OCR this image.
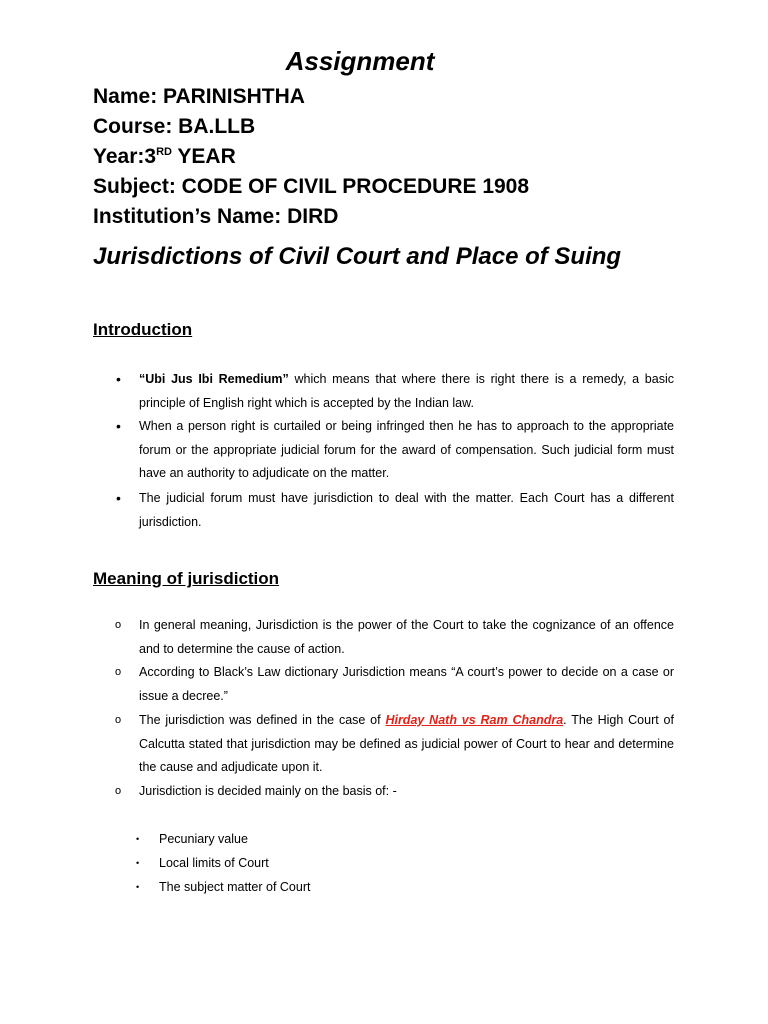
Assignment
Name: PARINISHTHA
Course: BA.LLB
Year:3RD YEAR
Subject: CODE OF CIVIL PROCEDURE 1908
Institution’s Name: DIRD
Jurisdictions of Civil Court and Place of Suing
Introduction
• “Ubi Jus Ibi Remedium” which means that where there is right there is a remedy, a basic principle of English right which is accepted by the Indian law.

• When a person right is curtailed or being infringed then he has to approach to the appropriate forum or the appropriate judicial forum for the award of compensation. Such judicial form must have an authority to adjudicate on the matter.

• The judicial forum must have jurisdiction to deal with the matter. Each Court has a different jurisdiction.

Meaning of jurisdiction
o In general meaning, Jurisdiction is the power of the Court to take the cognizance of an offence and to determine the cause of action.

o According to Black’s Law dictionary Jurisdiction means “A court’s power to decide on a case or issue a decree.”

o The jurisdiction was defined in the case of Hirday Nath vs Ram Chandra. The High Court of Calcutta stated that jurisdiction may be defined as judicial power of Court to hear and determine the cause and adjudicate upon it.

o Jurisdiction is decided mainly on the basis of: -

• Pecuniary value
• Local limits of Court
• The subject matter of Court
